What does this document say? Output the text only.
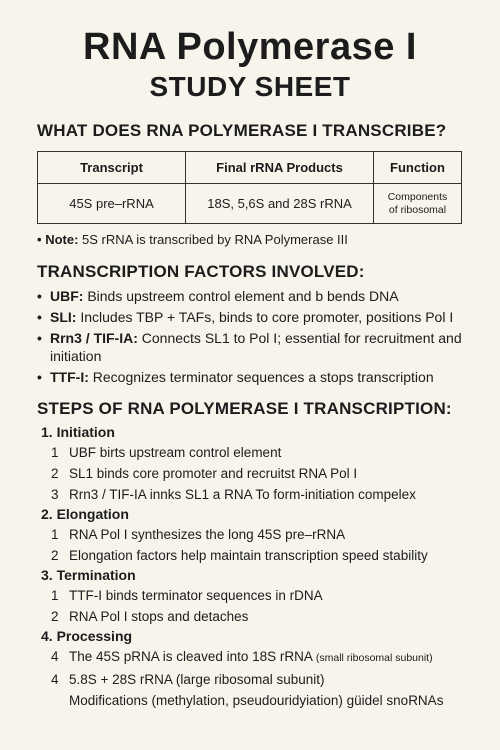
RNA Polymerase I
STUDY SHEET
WHAT DOES RNA POLYMERASE I TRANSCRIBE?
Transcript	Final rRNA Products	Function
45S pre–rRNA	18S, 5,6S and 28S rRNA	Components
of ribosomal
• Note: 5S rRNA is transcribed by RNA Polymerase III
TRANSCRIPTION FACTORS INVOLVED:
• UBF: Binds upstreem control element and b bends DNA
• SLI: Includes TBP + TAFs, binds to core promoter, positions Pol I
• Rrn3 / TIF-IA: Connects SL1 to Pol I; essential for recruitment and initiation
• TTF-I: Recognizes terminator sequences a stops transcription
STEPS OF RNA POLYMERASE I TRANSCRIPTION:
1. Initiation
1 UBF birts upstream control element
2 SL1 binds core promoter and recruitst RNA Pol I
3 Rrn3 / TIF-IA innks SL1 a RNA To form-initiation compelex
2. Elongation
1 RNA Pol I synthesizes the long 45S pre–rRNA
2 Elongation factors help maintain transcription speed stability
3. Termination
1 TTF-I binds terminator sequences in rDNA
2 RNA Pol I stops and detaches
4. Processing
4 The 45S pRNA is cleaved into 18S rRNA (small ribosomal subunit)
4 5.8S + 28S rRNA (large ribosomal subunit)
Modifications (methylation, pseudouridyiation) güidel snoRNAs
